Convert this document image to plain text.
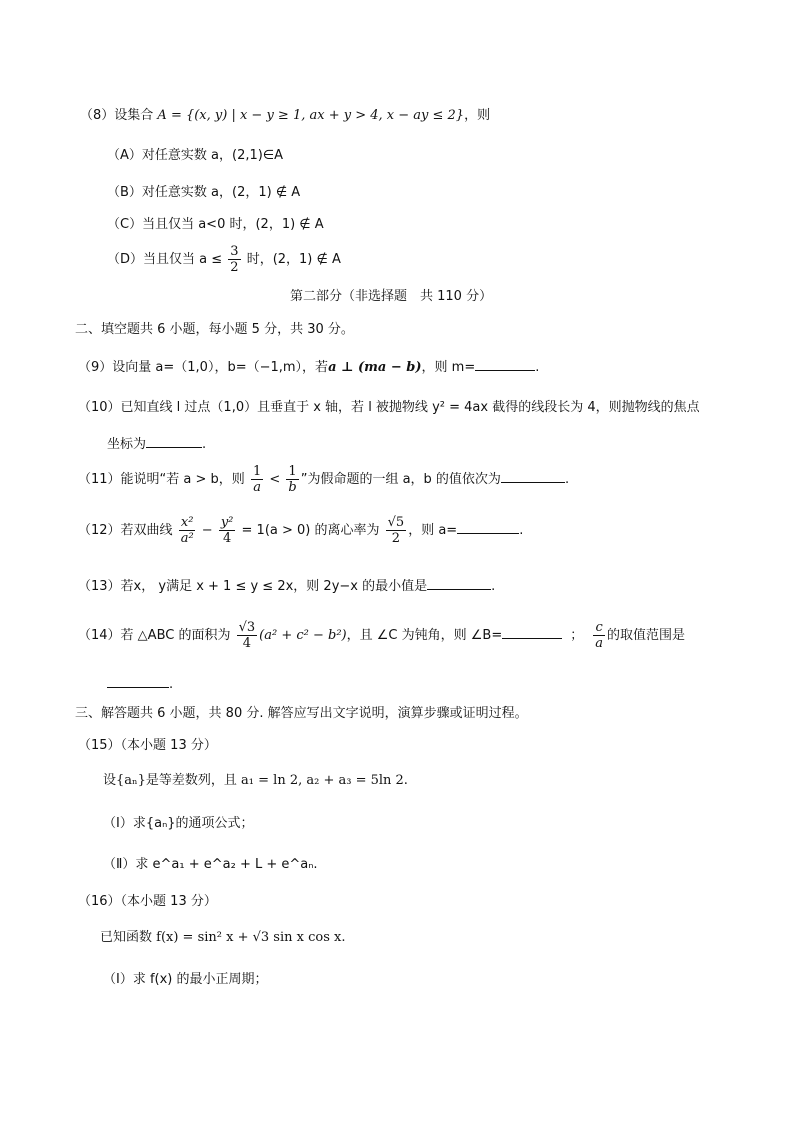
（8）设集合 A = {(x, y) | x − y ≥ 1, ax + y > 4, x − ay ≤ 2}，则
（A）对任意实数 a，(2,1)∈A
（B）对任意实数 a，(2，1) ∉ A
（C）当且仅当 a<0 时，(2，1) ∉ A
（D）当且仅当 $a \le \frac{3}{2}$ 时，(2，1) ∉ A
第二部分（非选择题　共 110 分）
二、填空题共 6 小题，每小题 5 分，共 30 分。
（9）设向量 a=（1,0），b=（−1,m），若a ⊥ (ma − b)，则 m=	.
（10）已知直线 l 过点（1,0）且垂直于 x 轴，若 l 被抛物线 y² = 4ax 截得的线段长为 4，则抛物线的焦点
坐标为	.
（11）能说明“若 a > b，则 $\frac{1}{a} < \frac{1}{b}$ ”为假命题的一组 a，b 的值依次为	.
（12）若双曲线 $\frac{\text{x²}}{\text{a²}} - \frac{\text{y²}}{4} = 1(a > 0)$ 的离心率为 $\frac{√5}{2}$ ，则 a=	.
（13）若x， y满足 x + 1 ≤ y ≤ 2x，则 2y−x 的最小值是	.
（14）若 △ABC 的面积为 $\frac{√3}{4} (a^2 + c^2 - b^2)$，且 ∠C 为钝角，则 ∠B=	； $\frac{c}{a}$ 的取值范围是
.
三、解答题共 6 小题，共 80 分. 解答应写出文字说明，演算步骤或证明过程。
（15）（本小题 13 分）
设{aₙ}是等差数列，且 a₁ = ln 2, a₂ + a₃ = 5ln 2.
（Ⅰ）求{aₙ}的通项公式；
（Ⅱ）求 e^a₁ + e^a₂ + L + e^aₙ.
（16）（本小题 13 分）
已知函数 f(x) = sin² x + √3 sin x cos x.
（Ⅰ）求 f(x) 的最小正周期；
